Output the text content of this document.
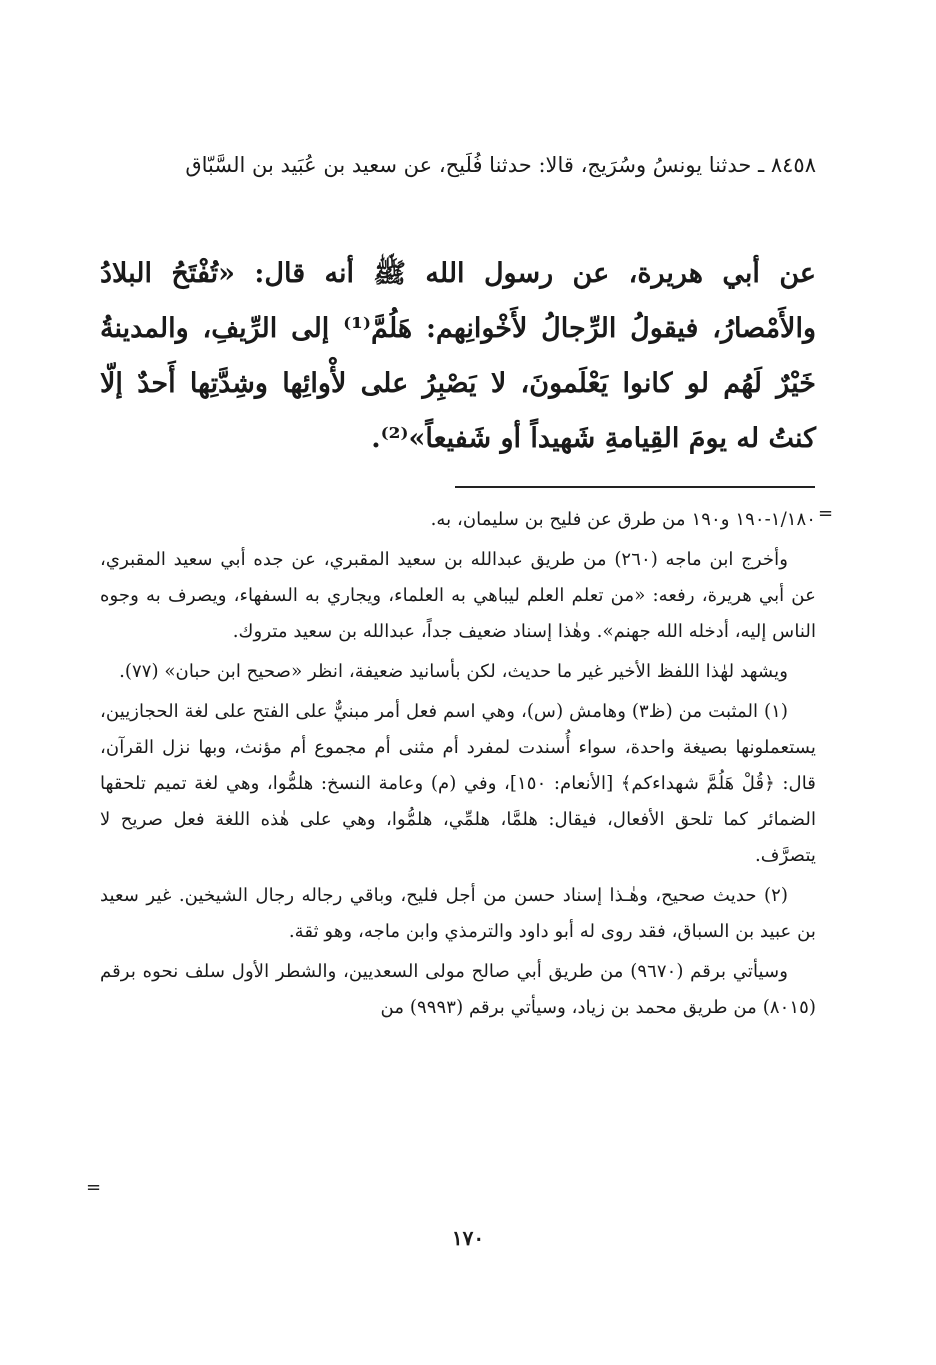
٨٤٥٨ ـ حدثنا يونسُ وسُرَيج، قالا: حدثنا فُلَيح، عن سعيد بن عُبَيد بن السَّبّاق
عن أبي هريرة، عن رسول الله ﷺ أنه قال: «تُفْتَحُ البلادُ والأَمْصارُ، فيقولُ الرِّجالُ لأَخْوانِهم: هَلُمَّ⁽¹⁾ إلى الرِّيفِ، والمدينةُ خَيْرٌ لَهُم لو كانوا يَعْلَمونَ، لا يَصْبِرُ على لأْوائِها وشِدَّتِها أَحدٌ إلّا كنتُ له يومَ القِيامةِ شَهيداً أو شَفيعاً»⁽²⁾.
=

١/١٨٠-١٩٠ و١٩٠ من طرق عن فليح بن سليمان، به.

وأخرج ابن ماجه (٢٦٠) من طريق عبدالله بن سعيد المقبري، عن جده أبي سعيد المقبري، عن أبي هريرة، رفعه: «من تعلم العلم ليباهي به العلماء، ويجاري به السفهاء، ويصرف به وجوه الناس إليه، أدخله الله جهنم». وهٰذا إسناد ضعيف جداً، عبدالله بن سعيد متروك.

ويشهد لهٰذا اللفظ الأخير غير ما حديث، لكن بأسانيد ضعيفة، انظر «صحيح ابن حبان» (٧٧).

(١) المثبت من (ظ٣) وهامش (س)، وهي اسم فعل أمر مبنيٌّ على الفتح على لغة الحجازيين، يستعملونها بصيغة واحدة، سواء أُسندت لمفرد أم مثنى أم مجموع أم مؤنث، وبها نزل القرآن، قال: ﴿قُلْ هَلُمَّ شهداءكم﴾ [الأنعام: ١٥٠]، وفي (م) وعامة النسخ: هلمُّوا، وهي لغة تميم تلحقها الضمائر كما تلحق الأفعال، فيقال: هلمَّا، هلمِّي، هلمُّوا، وهي على هٰذه اللغة فعل صريح لا يتصرَّف.

(٢) حديث صحيح، وهٰـذا إسناد حسن من أجل فليح، وباقي رجاله رجال الشيخين. غير سعيد بن عبيد بن السباق، فقد روى له أبو داود والترمذي وابن ماجه، وهو ثقة.

وسيأتي برقم (٩٦٧٠) من طريق أبي صالح مولى السعديين، والشطر الأول سلف نحوه برقم (٨٠١٥) من طريق محمد بن زياد، وسيأتي برقم (٩٩٩٣) من

=
١٧٠
